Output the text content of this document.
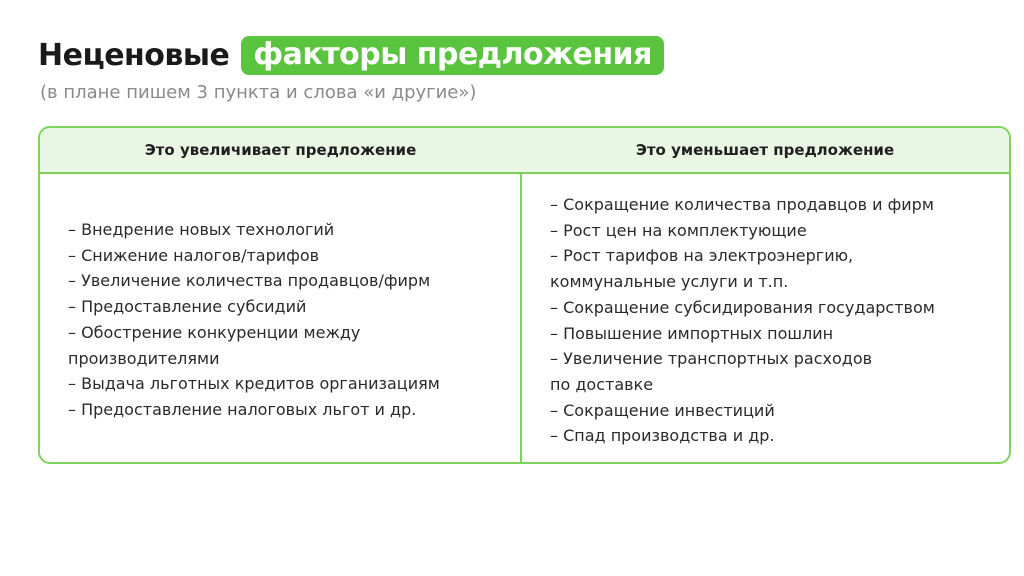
Неценовые факторы предложения
(в плане пишем 3 пункта и слова «и другие»)
Это увеличивает предложение	Это уменьшает предложение
– Внедрение новых технологий
– Снижение налогов/тарифов
– Увеличение количества продавцов/фирм
– Предоставление субсидий
– Обострение конкуренции между
производителями
– Выдача льготных кредитов организациям
– Предоставление налоговых льгот и др.
– Сокращение количества продавцов и фирм
– Рост цен на комплектующие
– Рост тарифов на электроэнергию,
коммунальные услуги и т.п.
– Сокращение субсидирования государством
– Повышение импортных пошлин
– Увеличение транспортных расходов
по доставке
– Сокращение инвестиций
– Спад производства и др.
